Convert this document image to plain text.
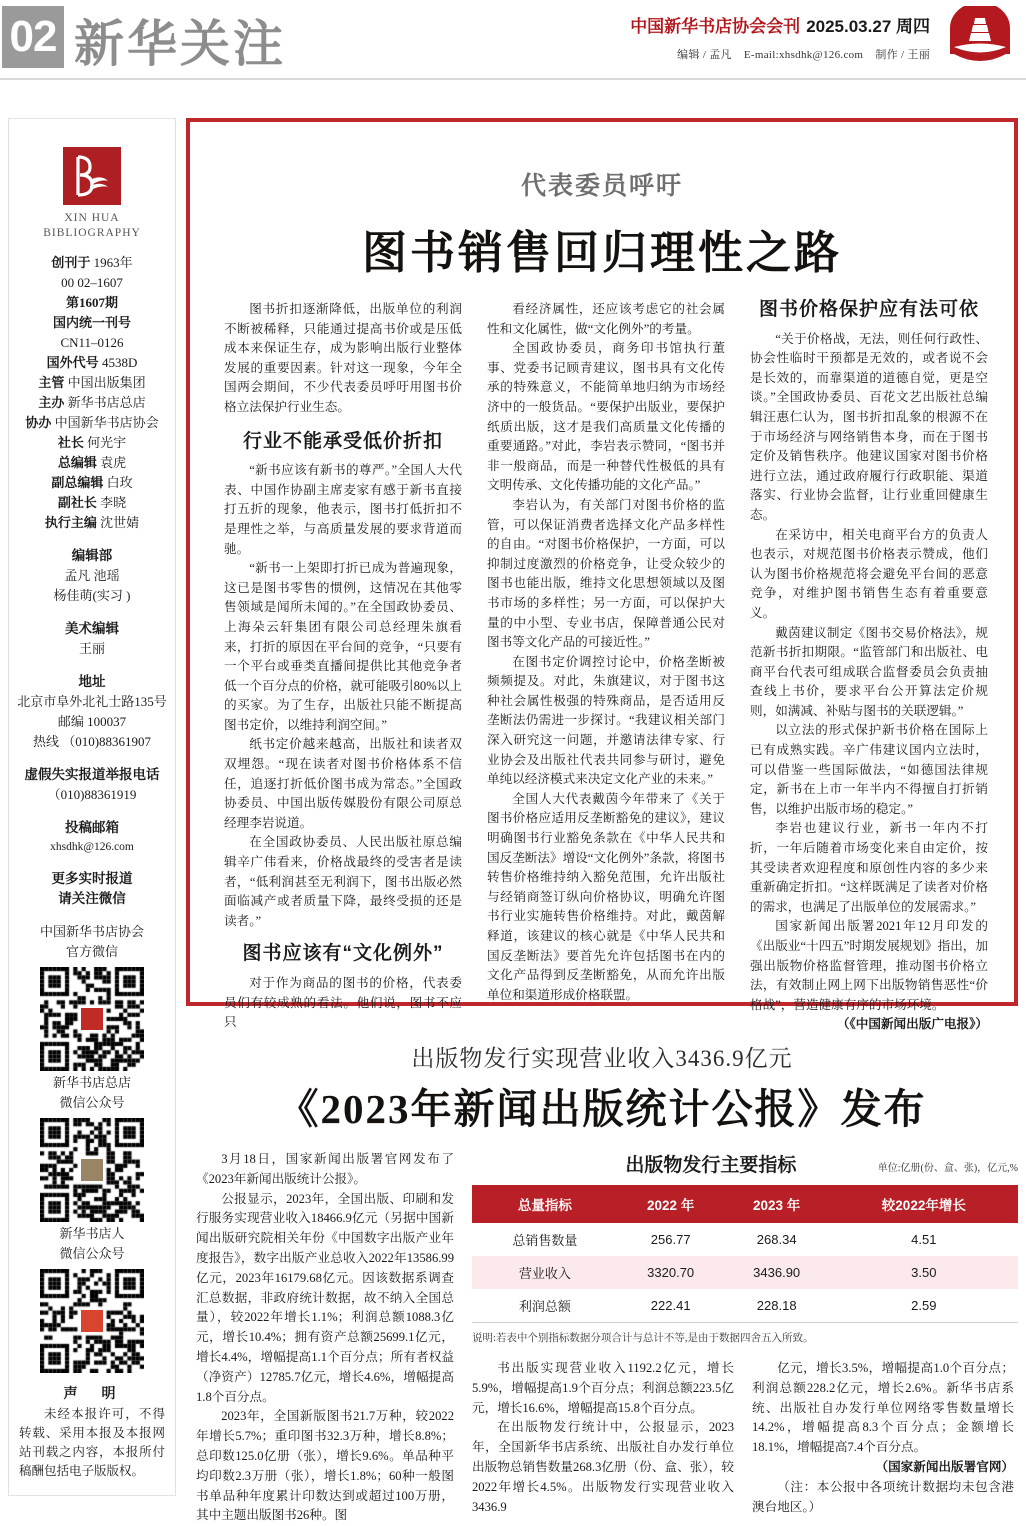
02 新华关注	中国新华书店协会会刊 2025.03.27 周四
编辑 / 孟凡 E-mail:xhsdhk@126.com 制作 / 王丽
XIN HUA
BIBLIOGRAPHY
创刊于 1963年
00 02–1607
第1607期
国内统一刊号
CN11–0126
国外代号 4538D
主管 中国出版集团
主办 新华书店总店
协办 中国新华书店协会
社长 何光宇
总编辑 袁虎
副总编辑 白玫
副社长 李晓
执行主编 沈世婧
编辑部
孟凡 池瑶
杨佳萌(实习 )
美术编辑
王丽
地址
北京市阜外北礼士路135号
邮编 100037
热线 （010)88361907
虚假失实报道举报电话
（010)88361919
投稿邮箱
xhsdhk@126.com
更多实时报道
请关注微信
中国新华书店协会
官方微信
新华书店总店
微信公众号
新华书店人
微信公众号
声　明
未经本报许可，不得转载、采用本报及本报网站刊载之内容，本报所付稿酬包括电子版版权。
代表委员呼吁
图书销售回归理性之路

图书折扣逐渐降低，出版单位的利润不断被稀释，只能通过提高书价或是压低成本来保证生存，成为影响出版行业整体发展的重要因素。针对这一现象，今年全国两会期间，不少代表委员呼吁用图书价格立法保护行业生态。

行业不能承受低价折扣

“新书应该有新书的尊严。”全国人大代表、中国作协副主席麦家有感于新书直接打五折的现象，他表示，图书打低折扣不是理性之举，与高质量发展的要求背道而驰。

“新书一上架即打折已成为普遍现象，这已是图书零售的惯例，这情况在其他零售领域是闻所未闻的。”在全国政协委员、上海朵云轩集团有限公司总经理朱旗看来，打折的原因在平台间的竞争，“只要有一个平台或垂类直播间提供比其他竞争者低一个百分点的价格，就可能吸引80%以上的买家。为了生存，出版社只能不断提高图书定价，以维持利润空间。”

纸书定价越来越高，出版社和读者双双埋怨。“现在读者对图书价格体系不信任，追逐打折低价图书成为常态。”全国政协委员、中国出版传媒股份有限公司原总经理李岩说道。

在全国政协委员、人民出版社原总编辑辛广伟看来，价格战最终的受害者是读者，“低利润甚至无利润下，图书出版必然面临减产或者质量下降，最终受损的还是读者。”

图书应该有“文化例外”

对于作为商品的图书的价格，代表委员们有较成熟的看法。他们说，图书不应只

看经济属性，还应该考虑它的社会属性和文化属性，做“文化例外”的考量。

全国政协委员，商务印书馆执行董事、党委书记顾青建议，图书具有文化传承的特殊意义，不能简单地归纳为市场经济中的一般货品。“要保护出版业，要保护纸质出版，这才是我们高质量文化传播的重要通路。”对此，李岩表示赞同，“图书并非一般商品，而是一种替代性极低的具有文明传承、文化传播功能的文化产品。”

李岩认为，有关部门对图书价格的监管，可以保证消费者选择文化产品多样性的自由。“对图书价格保护，一方面，可以抑制过度激烈的价格竞争，让受众较少的图书也能出版，维持文化思想领域以及图书市场的多样性；另一方面，可以保护大量的中小型、专业书店，保障普通公民对图书等文化产品的可接近性。”

在图书定价调控讨论中，价格垄断被频频提及。对此，朱旗建议，对于图书这种社会属性极强的特殊商品，是否适用反垄断法仍需进一步探讨。“我建议相关部门深入研究这一问题，并邀请法律专家、行业协会及出版社代表共同参与研讨，避免单纯以经济模式来决定文化产业的未来。”

全国人大代表戴茵今年带来了《关于图书价格应适用反垄断豁免的建议》，建议明确图书行业豁免条款在《中华人民共和国反垄断法》增设“文化例外”条款，将图书转售价格维持纳入豁免范围，允许出版社与经销商签订纵向价格协议，明确允许图书行业实施转售价格维持。对此，戴茵解释道，该建议的核心就是《中华人民共和国反垄断法》要首先允许包括图书在内的文化产品得到反垄断豁免，从而允许出版单位和渠道形成价格联盟。

图书价格保护应有法可依

“关于价格战，无法，则任何行政性、协会性临时干预都是无效的，或者说不会是长效的，而靠渠道的道德自觉，更是空谈。”全国政协委员、百花文艺出版社总编辑汪惠仁认为，图书折扣乱象的根源不在于市场经济与网络销售本身，而在于图书定价及销售秩序。他建议国家对图书价格进行立法，通过政府履行行政职能、渠道落实、行业协会监督，让行业重回健康生态。

在采访中，相关电商平台方的负责人也表示，对规范图书价格表示赞成，他们认为图书价格规范将会避免平台间的恶意竞争，对维护图书销售生态有着重要意义。

戴茵建议制定《图书交易价格法》，规范新书折扣期限。“监管部门和出版社、电商平台代表可组成联合监督委员会负责抽查线上书价，要求平台公开算法定价规则，如满减、补贴与图书的关联逻辑。”

以立法的形式保护新书价格在国际上已有成熟实践。辛广伟建议国内立法时，可以借鉴一些国际做法，“如德国法律规定，新书在上市一年半内不得擅自打折销售，以维护出版市场的稳定。”

李岩也建议行业，新书一年内不打折，一年后随着市场变化来自由定价，按其受读者欢迎程度和原创性内容的多少来重新确定折扣。“这样既满足了读者对价格的需求，也满足了出版单位的发展需求。”

国家新闻出版署2021年12月印发的《出版业“十四五”时期发展规划》指出，加强出版物价格监督管理，推动图书价格立法，有效制止网上网下出版物销售恶性“价格战”，营造健康有序的市场环境。

（《中国新闻出版广电报》）

出版物发行实现营业收入3436.9亿元
《2023年新闻出版统计公报》发布

3月18日，国家新闻出版署官网发布了《2023年新闻出版统计公报》。

公报显示，2023年，全国出版、印刷和发行服务实现营业收入18466.9亿元（另据中国新闻出版研究院相关年份《中国数字出版产业年度报告》，数字出版产业总收入2022年13586.99亿元，2023年16179.68亿元。因该数据系调查汇总数据，非政府统计数据，故不纳入全国总量），较2022年增长1.1%；利润总额1088.3亿元，增长10.4%；拥有资产总额25699.1亿元，增长4.4%，增幅提高1.1个百分点；所有者权益（净资产）12785.7亿元，增长4.6%，增幅提高1.8个百分点。

2023年，全国新版图书21.7万种，较2022年增长5.7%；重印图书32.3万种，增长8.8%；总印数125.0亿册（张），增长9.6%。单品种平均印数2.3万册（张），增长1.8%；60种一般图书单品种年度累计印数达到或超过100万册，其中主题出版图书26种。图

出版物发行主要指标	单位:亿册(份、盒、张)，亿元,%
总量指标	2022 年	2023 年	较2022年增长
总销售数量	256.77	268.34	4.51
营业收入	3320.70	3436.90	3.50
利润总额	222.41	228.18	2.59
说明:若表中个别指标数据分项合计与总计不等,是由于数据四舍五入所致。

书出版实现营业收入1192.2亿元，增长5.9%，增幅提高1.9个百分点；利润总额223.5亿元，增长16.6%，增幅提高15.8个百分点。

在出版物发行统计中，公报显示，2023年，全国新华书店系统、出版社自办发行单位出版物总销售数量268.3亿册（份、盒、张），较2022年增长4.5%。出版物发行实现营业收入3436.9

亿元，增长3.5%，增幅提高1.0个百分点；利润总额228.2亿元，增长2.6%。新华书店系统、出版社自办发行单位网络零售数量增长14.2%，增幅提高8.3个百分点；金额增长18.1%，增幅提高7.4个百分点。

（国家新闻出版署官网）

（注：本公报中各项统计数据均未包含港澳台地区。）
